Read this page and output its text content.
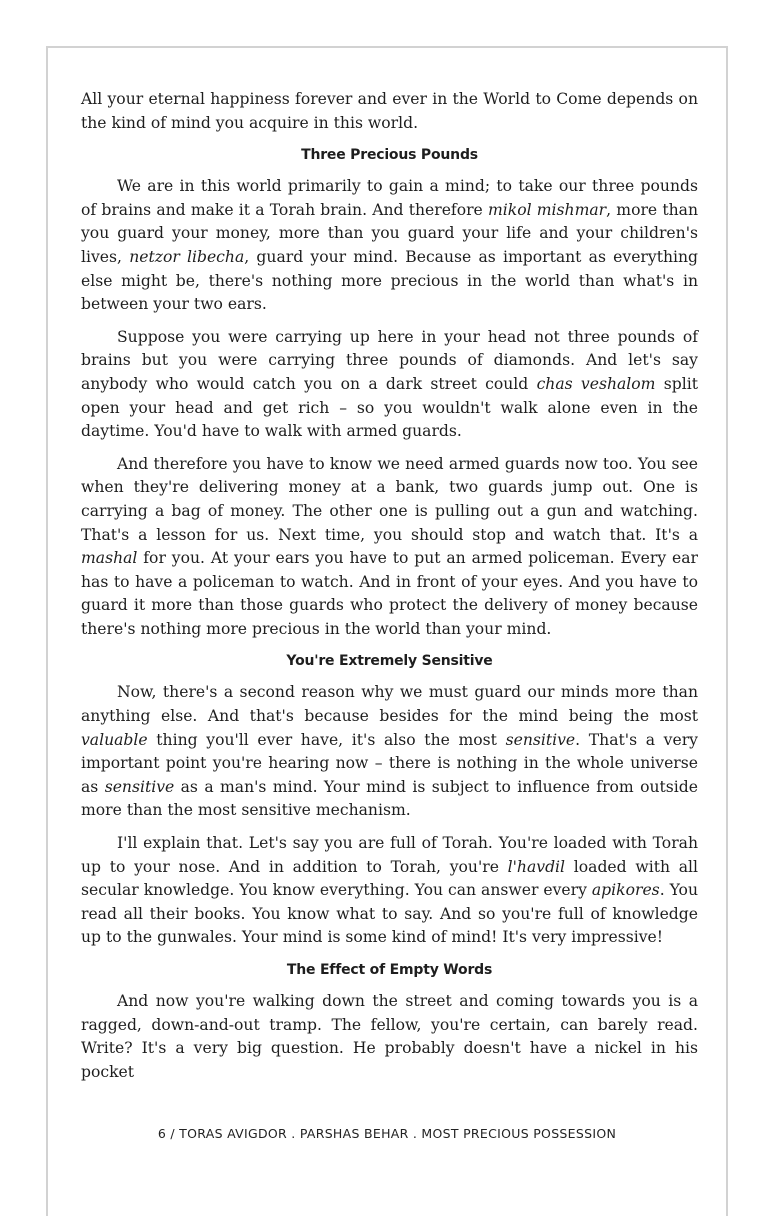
All your eternal happiness forever and ever in the World to Come depends on the kind of mind you acquire in this world.

Three Precious Pounds

We are in this world primarily to gain a mind; to take our three pounds of brains and make it a Torah brain. And therefore mikol mishmar, more than you guard your money, more than you guard your life and your children's lives, netzor libecha, guard your mind. Because as important as everything else might be, there's nothing more precious in the world than what's in between your two ears.

Suppose you were carrying up here in your head not three pounds of brains but you were carrying three pounds of diamonds. And let's say anybody who would catch you on a dark street could chas veshalom split open your head and get rich – so you wouldn't walk alone even in the daytime. You'd have to walk with armed guards.

And therefore you have to know we need armed guards now too. You see when they're delivering money at a bank, two guards jump out. One is carrying a bag of money. The other one is pulling out a gun and watching. That's a lesson for us. Next time, you should stop and watch that. It's a mashal for you. At your ears you have to put an armed policeman. Every ear has to have a policeman to watch. And in front of your eyes. And you have to guard it more than those guards who protect the delivery of money because there's nothing more precious in the world than your mind.

You're Extremely Sensitive

Now, there's a second reason why we must guard our minds more than anything else. And that's because besides for the mind being the most valuable thing you'll ever have, it's also the most sensitive. That's a very important point you're hearing now – there is nothing in the whole universe as sensitive as a man's mind. Your mind is subject to influence from outside more than the most sensitive mechanism.

I'll explain that. Let's say you are full of Torah. You're loaded with Torah up to your nose. And in addition to Torah, you're l'havdil loaded with all secular knowledge. You know everything. You can answer every apikores. You read all their books. You know what to say. And so you're full of knowledge up to the gunwales. Your mind is some kind of mind! It's very impressive!

The Effect of Empty Words

And now you're walking down the street and coming towards you is a ragged, down-and-out tramp. The fellow, you're certain, can barely read. Write? It's a very big question. He probably doesn't have a nickel in his pocket

6 / TORAS AVIGDOR . PARSHAS BEHAR . MOST PRECIOUS POSSESSION
